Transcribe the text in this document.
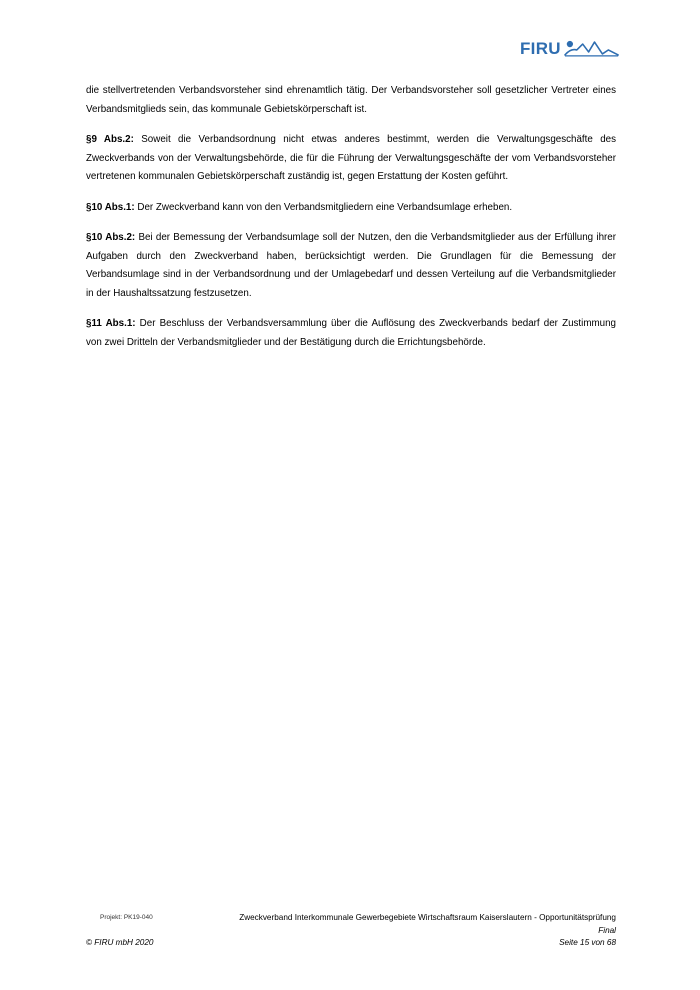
FIRU

die stellvertretenden Verbandsvorsteher sind ehrenamtlich tätig. Der Verbandsvorsteher soll gesetzlicher Vertreter eines Verbandsmitglieds sein, das kommunale Gebietskörperschaft ist.

§9 Abs.2: Soweit die Verbandsordnung nicht etwas anderes bestimmt, werden die Verwaltungsgeschäfte des Zweckverbands von der Verwaltungsbehörde, die für die Führung der Verwaltungsgeschäfte der vom Verbandsvorsteher vertretenen kommunalen Gebietskörperschaft zuständig ist, gegen Erstattung der Kosten geführt.

§10 Abs.1: Der Zweckverband kann von den Verbandsmitgliedern eine Verbandsumlage erheben.

§10 Abs.2: Bei der Bemessung der Verbandsumlage soll der Nutzen, den die Verbandsmitglieder aus der Erfüllung ihrer Aufgaben durch den Zweckverband haben, berücksichtigt werden. Die Grundlagen für die Bemessung der Verbandsumlage sind in der Verbandsordnung und der Umlagebedarf und dessen Verteilung auf die Verbandsmitglieder in der Haushaltssatzung festzusetzen.

§11 Abs.1: Der Beschluss der Verbandsversammlung über die Auflösung des Zweckverbands bedarf der Zustimmung von zwei Dritteln der Verbandsmitglieder und der Bestätigung durch die Errichtungsbehörde.

Projekt: PK19-040	Zweckverband Interkommunale Gewerbegebiete Wirtschaftsraum Kaiserslautern - Opportunitätsprüfung
Final
© FIRU mbH 2020	Seite 15 von 68
